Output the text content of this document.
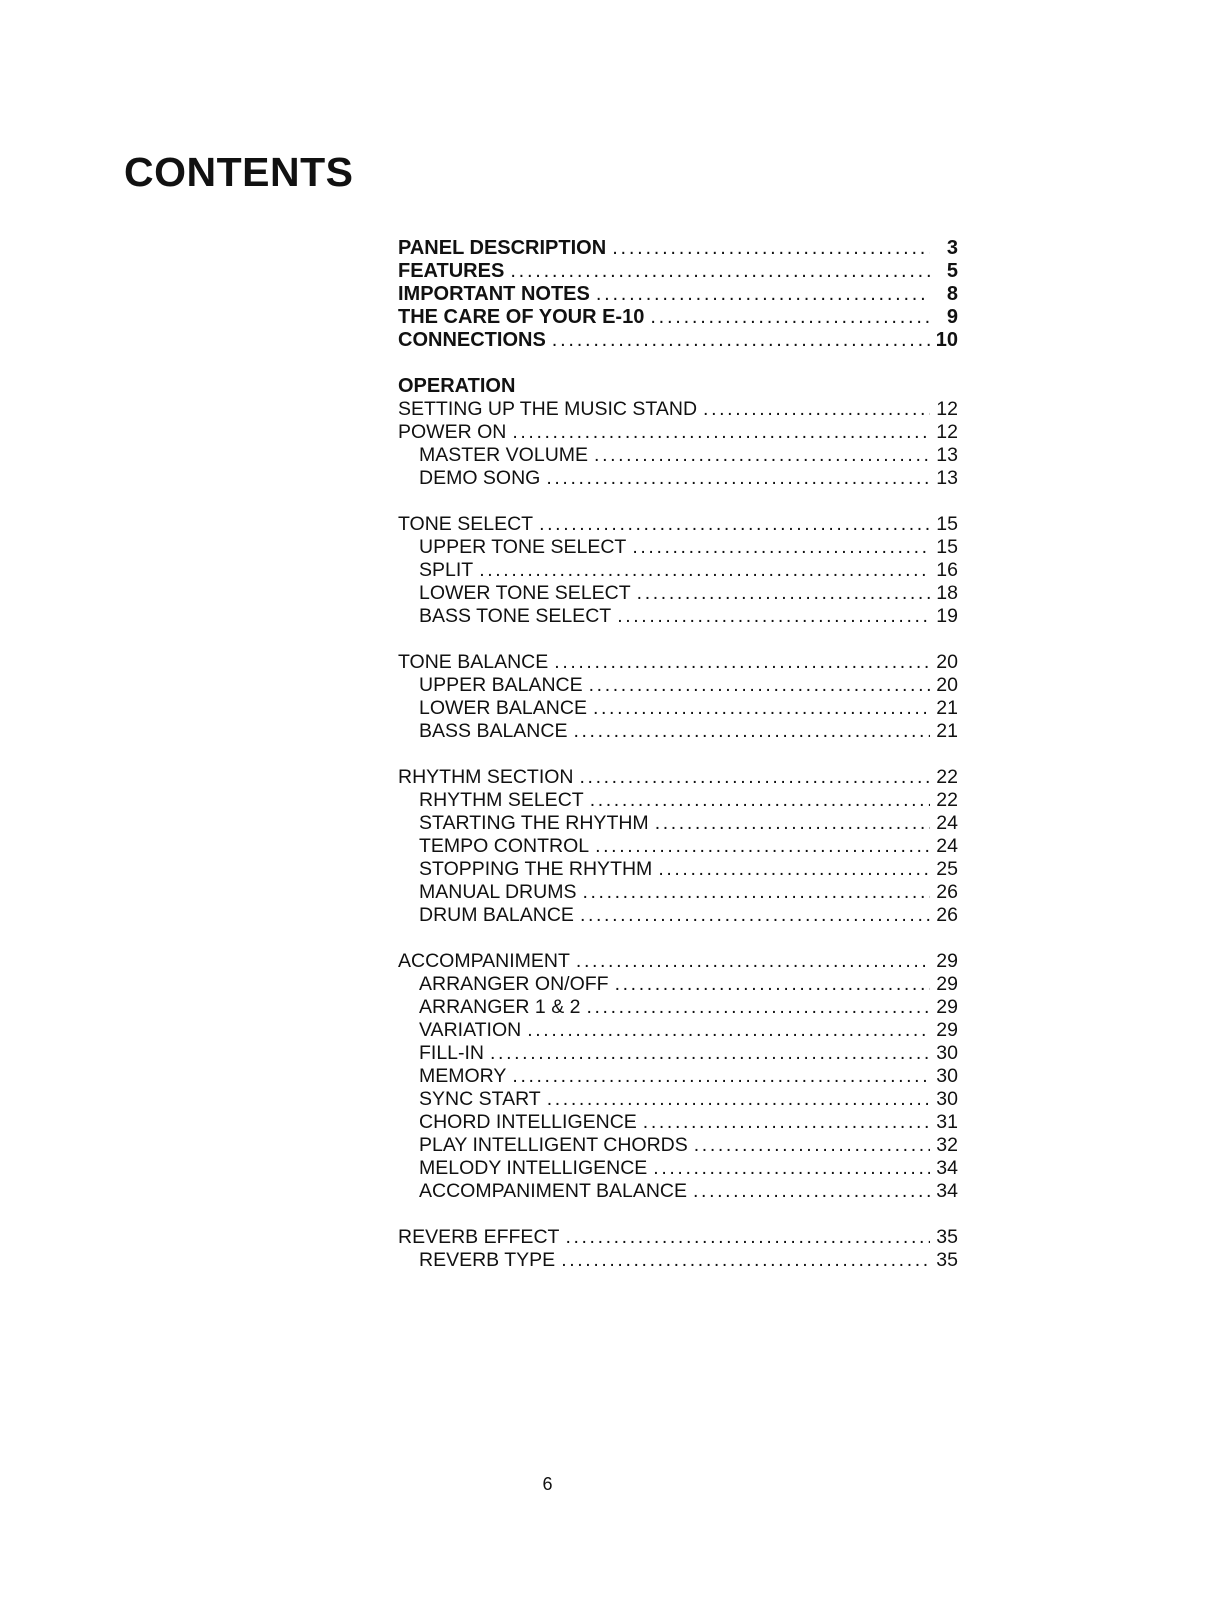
CONTENTS
PANEL DESCRIPTION . . .	3
FEATURES . . .	5
IMPORTANT NOTES . . .	8
THE CARE OF YOUR E-10 . . .	9
CONNECTIONS . . .	10
OPERATION
SETTING UP THE MUSIC STAND . . .	12
POWER ON . . .	12
MASTER VOLUME . . .	13
DEMO SONG . . .	13
TONE SELECT . . .	15
UPPER TONE SELECT . . .	15
SPLIT . . .	16
LOWER TONE SELECT . . .	18
BASS TONE SELECT . . .	19
TONE BALANCE . . .	20
UPPER BALANCE . . .	20
LOWER BALANCE . . .	21
BASS BALANCE . . .	21
RHYTHM SECTION . . .	22
RHYTHM SELECT . . .	22
STARTING THE RHYTHM . . .	24
TEMPO CONTROL . . .	24
STOPPING THE RHYTHM . . .	25
MANUAL DRUMS . . .	26
DRUM BALANCE . . .	26
ACCOMPANIMENT . . .	29
ARRANGER ON/OFF . . .	29
ARRANGER 1 & 2 . . .	29
VARIATION . . .	29
FILL-IN . . .	30
MEMORY . . .	30
SYNC START . . .	30
CHORD INTELLIGENCE . . .	31
PLAY INTELLIGENT CHORDS . . .	32
MELODY INTELLIGENCE . . .	34
ACCOMPANIMENT BALANCE . . .	34
REVERB EFFECT . . .	35
REVERB TYPE . . .	35
6
